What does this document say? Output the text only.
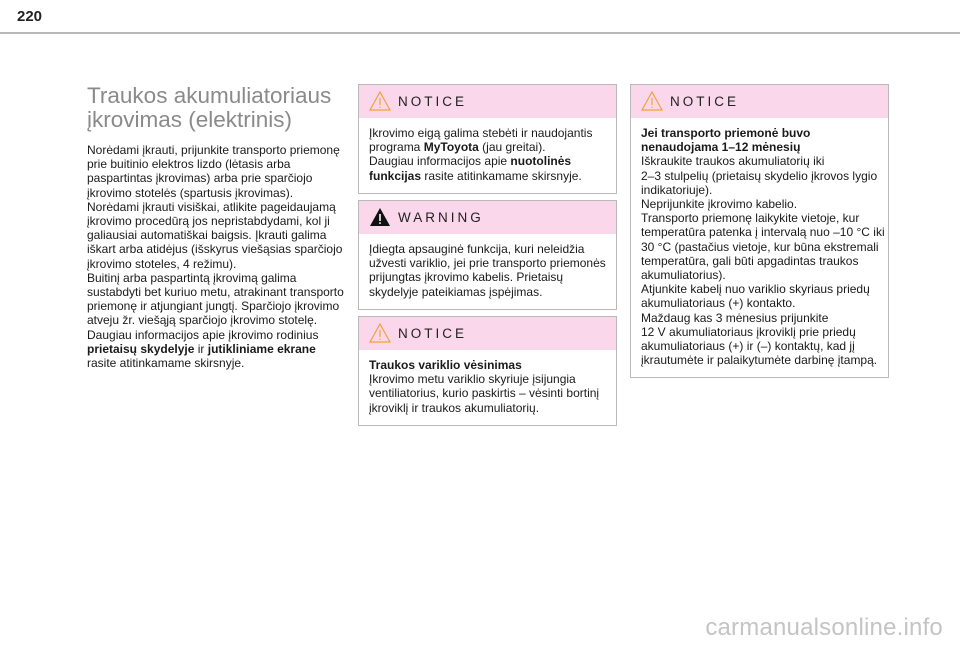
220
Traukos akumuliatoriaus
įkrovimas (elektrinis)
Norėdami įkrauti, prijunkite transporto priemonę
prie buitinio elektros lizdo (lėtasis arba
paspartintas įkrovimas) arba prie sparčiojo
įkrovimo stotelės (spartusis įkrovimas).
Norėdami įkrauti visiškai, atlikite pageidaujamą
įkrovimo procedūrą jos nepristabdydami, kol ji
galiausiai automatiškai baigsis. Įkrauti galima
iškart arba atidėjus (išskyrus viešąsias sparčiojo
įkrovimo stoteles, 4 režimu).
Buitinį arba paspartintą įkrovimą galima
sustabdyti bet kuriuo metu, atrakinant transporto
priemonę ir atjungiant jungtį. Sparčiojo įkrovimo
atveju žr. viešąją sparčiojo įkrovimo stotelę.
Daugiau informacijos apie įkrovimo rodinius
prietaisų skydelyje ir jutikliniame ekrane
rasite atitinkamame skirsnyje.
NOTICE
Įkrovimo eigą galima stebėti ir naudojantis
programa MyToyota (jau greitai).
Daugiau informacijos apie nuotolinės
funkcijas rasite atitinkamame skirsnyje.
WARNING
Įdiegta apsauginė funkcija, kuri neleidžia
užvesti variklio, jei prie transporto priemonės
prijungtas įkrovimo kabelis. Prietaisų
skydelyje pateikiamas įspėjimas.
NOTICE
Traukos variklio vėsinimas
Įkrovimo metu variklio skyriuje įsijungia
ventiliatorius, kurio paskirtis – vėsinti bortinį
įkroviklį ir traukos akumuliatorių.
NOTICE
Jei transporto priemonė buvo
nenaudojama 1–12 mėnesių
Iškraukite traukos akumuliatorių iki
2–3 stulpelių (prietaisų skydelio įkrovos lygio
indikatoriuje).
Neprijunkite įkrovimo kabelio.
Transporto priemonę laikykite vietoje, kur
temperatūra patenka į intervalą nuo –10 °C iki
30 °C (pastačius vietoje, kur būna ekstremali
temperatūra, gali būti apgadintas traukos
akumuliatorius).
Atjunkite kabelį nuo variklio skyriaus priedų
akumuliatoriaus (+) kontakto.
Maždaug kas 3 mėnesius prijunkite
12 V akumuliatoriaus įkroviklį prie priedų
akumuliatoriaus (+) ir (–) kontaktų, kad jį
įkrautumėte ir palaikytumėte darbinę įtampą.
carmanualsonline.info
